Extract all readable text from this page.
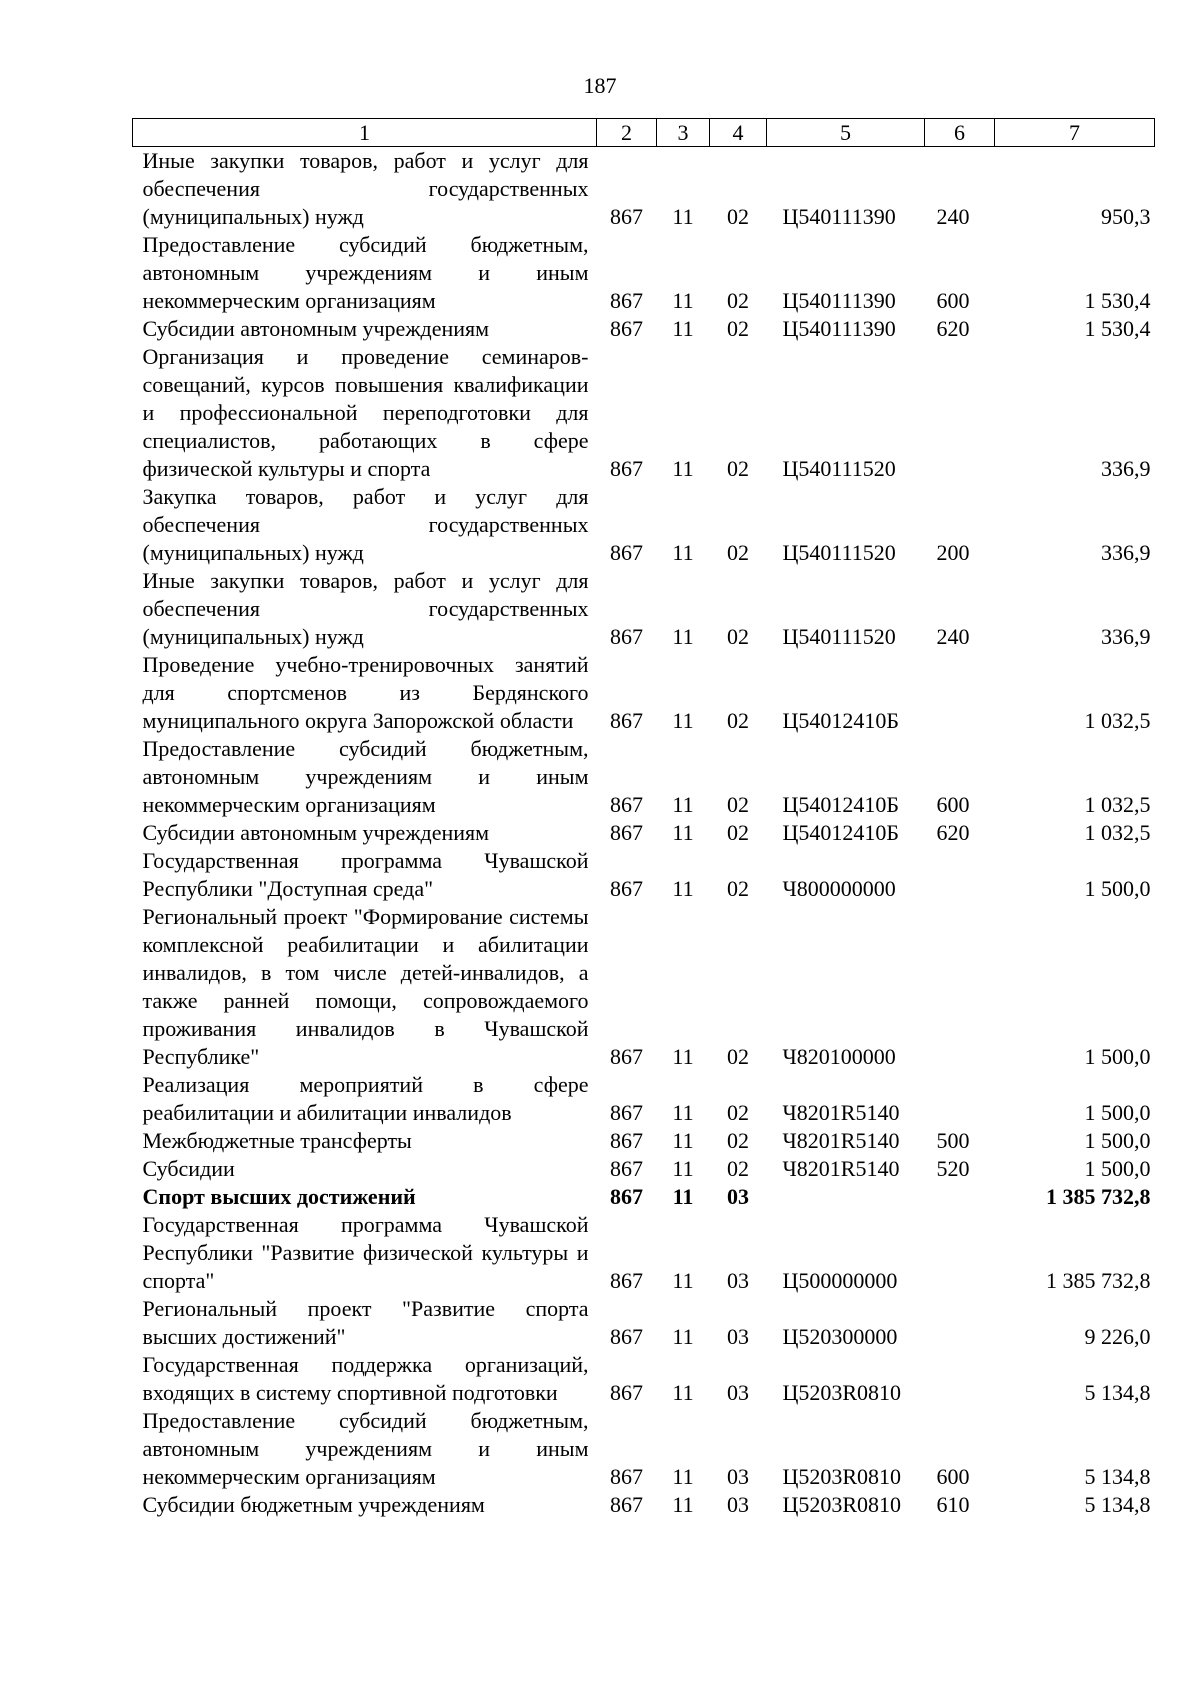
187
1	2	3	4	5	6	7
Иные закупки товаров, работ и услуг для обеспечения государственных (муниципальных) нужд	867	11	02	Ц540111390	240	950,3
Предоставление субсидий бюджетным, автономным учреждениям и иным некоммерческим организациям	867	11	02	Ц540111390	600	1 530,4
Субсидии автономным учреждениям	867	11	02	Ц540111390	620	1 530,4
Организация и проведение семинаров-совещаний, курсов повышения квалификации и профессиональной переподготовки для специалистов, работающих в сфере физической культуры и спорта	867	11	02	Ц540111520		336,9
Закупка товаров, работ и услуг для обеспечения государственных (муниципальных) нужд	867	11	02	Ц540111520	200	336,9
Иные закупки товаров, работ и услуг для обеспечения государственных (муниципальных) нужд	867	11	02	Ц540111520	240	336,9
Проведение учебно-тренировочных занятий для спортсменов из Бердянского муниципального округа Запорожской области	867	11	02	Ц54012410Б		1 032,5
Предоставление субсидий бюджетным, автономным учреждениям и иным некоммерческим организациям	867	11	02	Ц54012410Б	600	1 032,5
Субсидии автономным учреждениям	867	11	02	Ц54012410Б	620	1 032,5
Государственная программа Чувашской Республики "Доступная среда"	867	11	02	Ч800000000		1 500,0
Региональный проект "Формирование системы комплексной реабилитации и абилитации инвалидов, в том числе детей-инвалидов, а также ранней помощи, сопровождаемого проживания инвалидов в Чувашской Республике"	867	11	02	Ч820100000		1 500,0
Реализация мероприятий в сфере реабилитации и абилитации инвалидов	867	11	02	Ч8201R5140		1 500,0
Межбюджетные трансферты	867	11	02	Ч8201R5140	500	1 500,0
Субсидии	867	11	02	Ч8201R5140	520	1 500,0
Спорт высших достижений	867	11	03			1 385 732,8
Государственная программа Чувашской Республики "Развитие физической культуры и спорта"	867	11	03	Ц500000000		1 385 732,8
Региональный проект "Развитие спорта высших достижений"	867	11	03	Ц520300000		9 226,0
Государственная поддержка организаций, входящих в систему спортивной подготовки	867	11	03	Ц5203R0810		5 134,8
Предоставление субсидий бюджетным, автономным учреждениям и иным некоммерческим организациям	867	11	03	Ц5203R0810	600	5 134,8
Субсидии бюджетным учреждениям	867	11	03	Ц5203R0810	610	5 134,8
